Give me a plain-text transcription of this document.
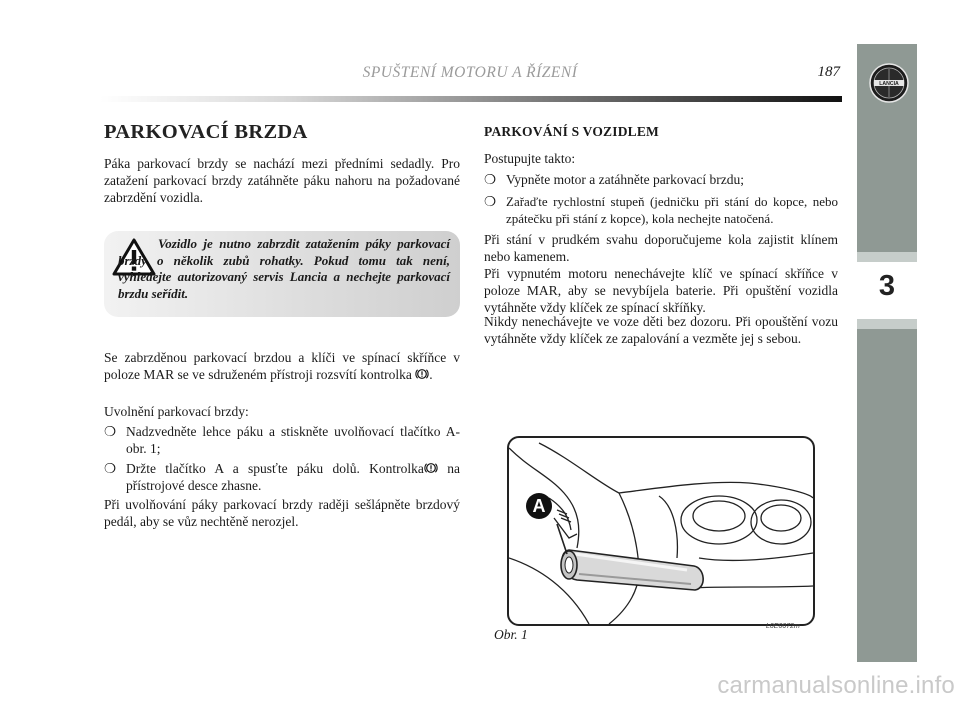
SPUŠTENÍ MOTORU A ŘÍZENÍ	187
3
LANCIA
PARKOVACÍ BRZDA
Páka parkovací brzdy se nachází mezi předními sedadly. Pro zatažení parkovací brzdy zatáhněte páku nahoru na požadované zabrzdění vozidla.
Vozidlo je nutno zabrzdit zatažením páky parkovací brzdy o několik zubů rohatky. Pokud tomu tak není, vyhledejte autorizovaný servis Lancia a nechejte parkovací brzdu seřídit.
Se zabrzděnou parkovací brzdou a klíči ve spínací skříňce v poloze MAR se ve sdruženém přístroji rozsvítí kontrolka .
Uvolnění parkovací brzdy:
❍ Nadzvedněte lehce páku a stiskněte uvolňovací tlačítko A-obr. 1;
❍ Držte tlačítko A a spusťte páku dolů. Kontrolka na přístrojové desce zhasne.
Při uvolňování páky parkovací brzdy raději sešlápněte brzdový pedál, aby se vůz nechtěně nerozjel.
PARKOVÁNÍ S VOZIDLEM
Postupujte takto:
❍ Vypněte motor a zatáhněte parkovací brzdu;
❍ Zařaďte rychlostní stupeň (jedničku při stání do kopce, nebo zpátečku při stání z kopce), kola nechejte natočená.
Při stání v prudkém svahu doporučujeme kola zajistit klínem nebo kamenem.
Při vypnutém motoru nenechávejte klíč ve spínací skříňce v poloze MAR, aby se nevybíjela baterie. Při opuštění vozidla vytáhněte vždy klíček ze spínací skříňky.
Nikdy nenechávejte ve voze děti bez dozoru. Při opouštění vozu vytáhněte vždy klíček ze zapalování a vezměte jej s sebou.
A
Obr. 1
L0E0072m
carmanualsonline.info
